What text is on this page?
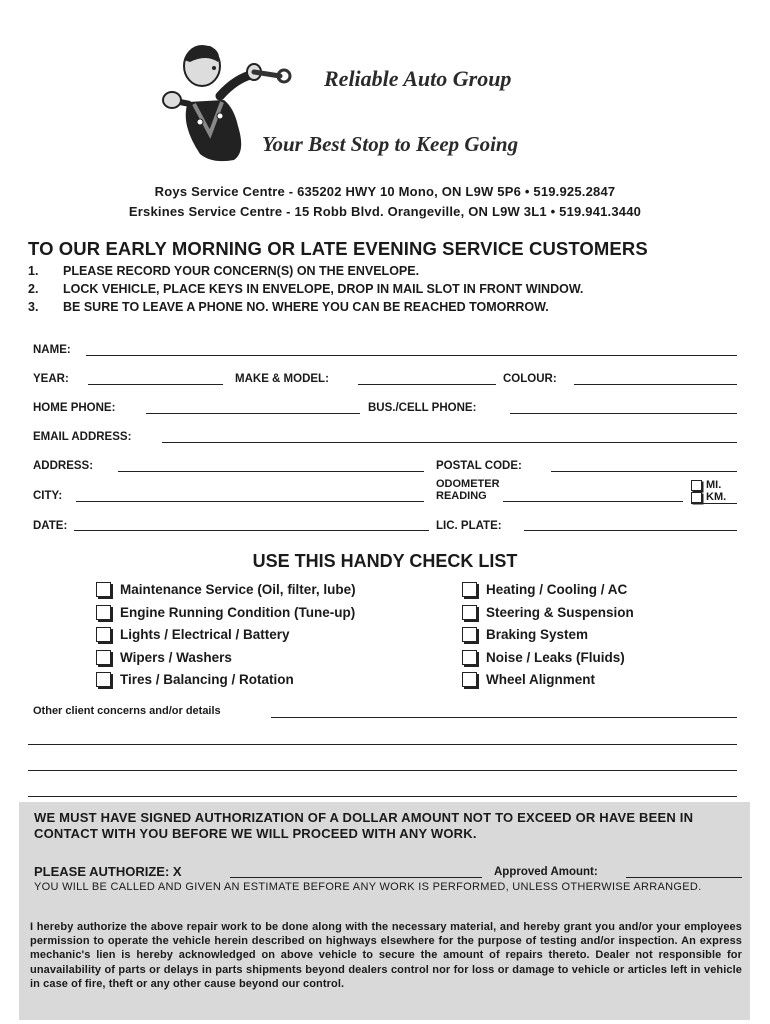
Reliable Auto Group
Your Best Stop to Keep Going
Roys Service Centre - 635202 HWY 10 Mono, ON L9W 5P6 • 519.925.2847
Erskines Service Centre - 15 Robb Blvd. Orangeville, ON L9W 3L1 • 519.941.3440
TO OUR EARLY MORNING OR LATE EVENING SERVICE CUSTOMERS
1. PLEASE RECORD YOUR CONCERN(S) ON THE ENVELOPE.
2. LOCK VEHICLE, PLACE KEYS IN ENVELOPE, DROP IN MAIL SLOT IN FRONT WINDOW.
3. BE SURE TO LEAVE A PHONE NO. WHERE YOU CAN BE REACHED TOMORROW.
NAME:
YEAR:	MAKE & MODEL:	COLOUR:
HOME PHONE:	BUS./CELL PHONE:
EMAIL ADDRESS:
ADDRESS:	POSTAL CODE:
ODOMETER
READING
MI.
KM.
CITY:
DATE:	LIC. PLATE:
USE THIS HANDY CHECK LIST
Maintenance Service (Oil, filter, lube)
Engine Running Condition (Tune-up)
Lights / Electrical / Battery
Wipers / Washers
Tires / Balancing / Rotation
Heating / Cooling / AC
Steering & Suspension
Braking System
Noise / Leaks (Fluids)
Wheel Alignment
Other client concerns and/or details
WE MUST HAVE SIGNED AUTHORIZATION OF A DOLLAR AMOUNT NOT TO EXCEED OR HAVE BEEN IN CONTACT WITH YOU BEFORE WE WILL PROCEED WITH ANY WORK.
PLEASE AUTHORIZE: X	Approved Amount:
YOU WILL BE CALLED AND GIVEN AN ESTIMATE BEFORE ANY WORK IS PERFORMED, UNLESS OTHERWISE ARRANGED.
I hereby authorize the above repair work to be done along with the necessary material, and hereby grant you and/or your employees permission to operate the vehicle herein described on highways elsewhere for the purpose of testing and/or inspection. An express mechanic's lien is hereby acknowledged on above vehicle to secure the amount of repairs thereto. Dealer not responsible for unavailability of parts or delays in parts shipments beyond dealers control nor for loss or damage to vehicle or articles left in vehicle in case of fire, theft or any other cause beyond our control.
